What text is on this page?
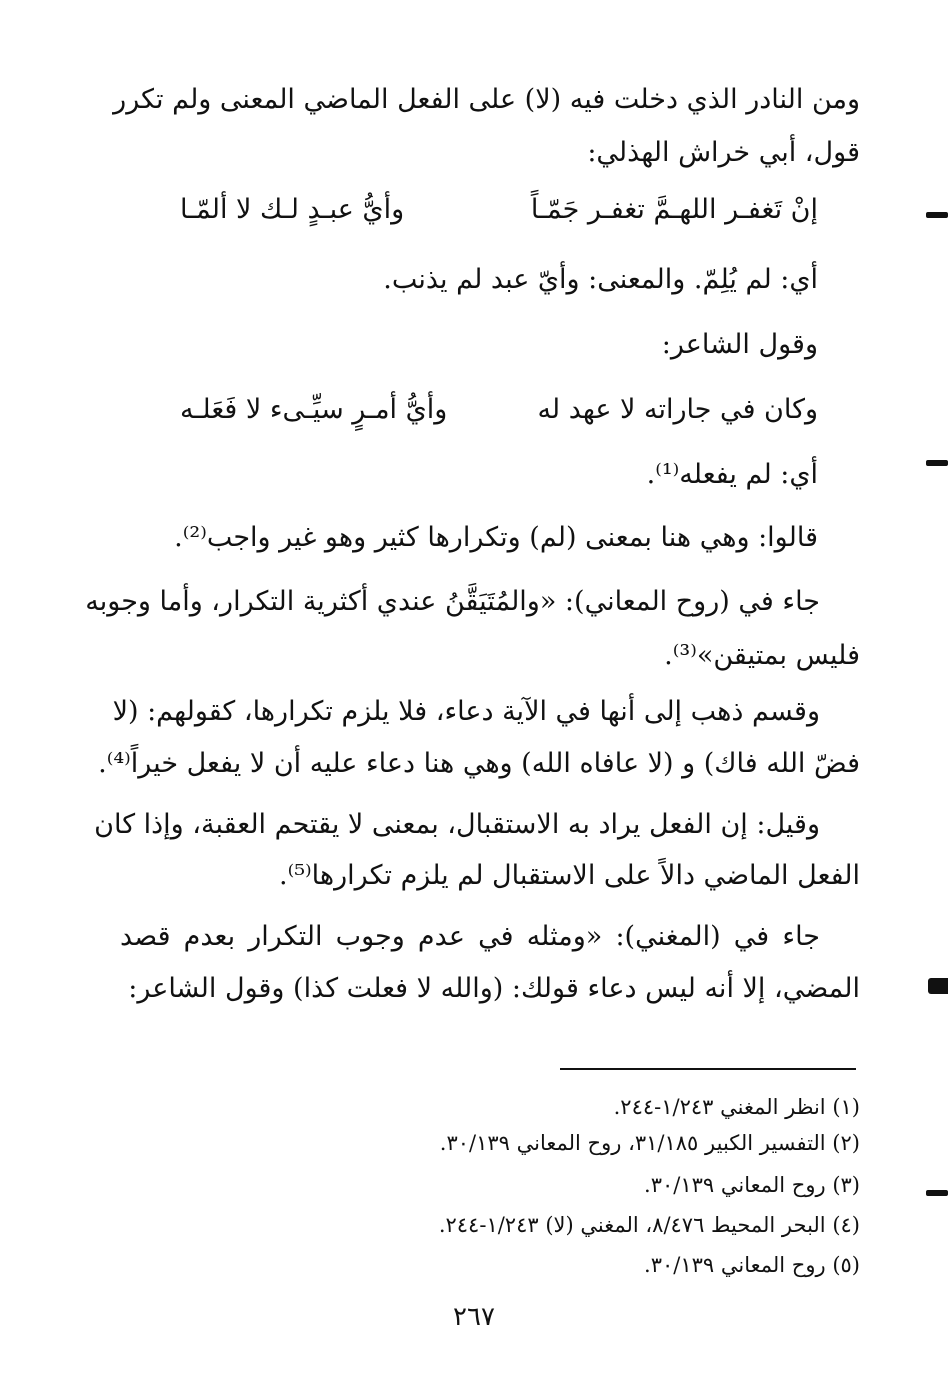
ومن النادر الذي دخلت فيه (لا) على الفعل الماضي المعنى ولم تكرر
قول، أبي خراش الهذلي:
إنْ تَغفـر اللهـمَّ تغفـر جَمّـاً
وأيُّ عبـدٍ لـك لا ألمّـا
أي: لم يُلِمّ. والمعنى: وأيّ عبد لم يذنب.
وقول الشاعر:
وكان في جاراته لا عهد له
وأيُّ أمـرٍ سيِّـىء لا فَعَلـه
أي: لم يفعله⁽¹⁾.
قالوا: وهي هنا بمعنى (لم) وتكرارها كثير وهو غير واجب⁽²⁾.
جاء في (روح المعاني): «والمُتَيَقَّنُ عندي أكثرية التكرار، وأما وجوبه
فليس بمتيقن»⁽³⁾.
وقسم ذهب إلى أنها في الآية دعاء، فلا يلزم تكرارها، كقولهم: (لا
فضّ الله فاك) و (لا عافاه الله) وهي هنا دعاء عليه أن لا يفعل خيراً⁽⁴⁾.
وقيل: إن الفعل يراد به الاستقبال، بمعنى لا يقتحم العقبة، وإذا كان
الفعل الماضي دالاً على الاستقبال لم يلزم تكرارها⁽⁵⁾.
جاء في (المغني): «ومثله في عدم وجوب التكرار بعدم قصد
المضي، إلا أنه ليس دعاء قولك: (والله لا فعلت كذا) وقول الشاعر:
(١) انظر المغني ١/٢٤٣-٢٤٤.
(٢) التفسير الكبير ٣١/١٨٥، روح المعاني ٣٠/١٣٩.
(٣) روح المعاني ٣٠/١٣٩.
(٤) البحر المحيط ٨/٤٧٦، المغني (لا) ١/٢٤٣-٢٤٤.
(٥) روح المعاني ٣٠/١٣٩.
٢٦٧
